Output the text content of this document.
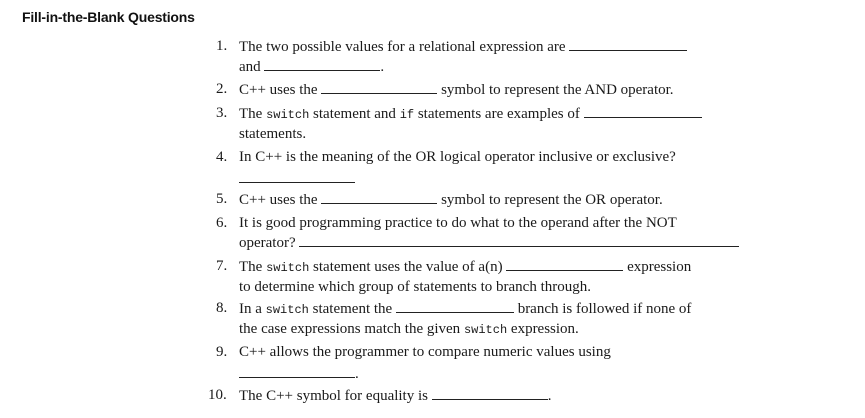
Fill-in-the-Blank Questions
1. The two possible values for a relational expression are
and	.
2. C++ uses the	symbol to represent the AND operator.
3. The switch statement and if statements are examples of
statements.
4. In C++ is the meaning of the OR logical operator inclusive or exclusive?
5. C++ uses the	symbol to represent the OR operator.
6. It is good programming practice to do what to the operand after the NOT
operator?
7. The switch statement uses the value of a(n)	expression
to determine which group of statements to branch through.
8. In a switch statement the	branch is followed if none of
the case expressions match the given switch expression.
9. C++ allows the programmer to compare numeric values using
.
10. The C++ symbol for equality is	.
